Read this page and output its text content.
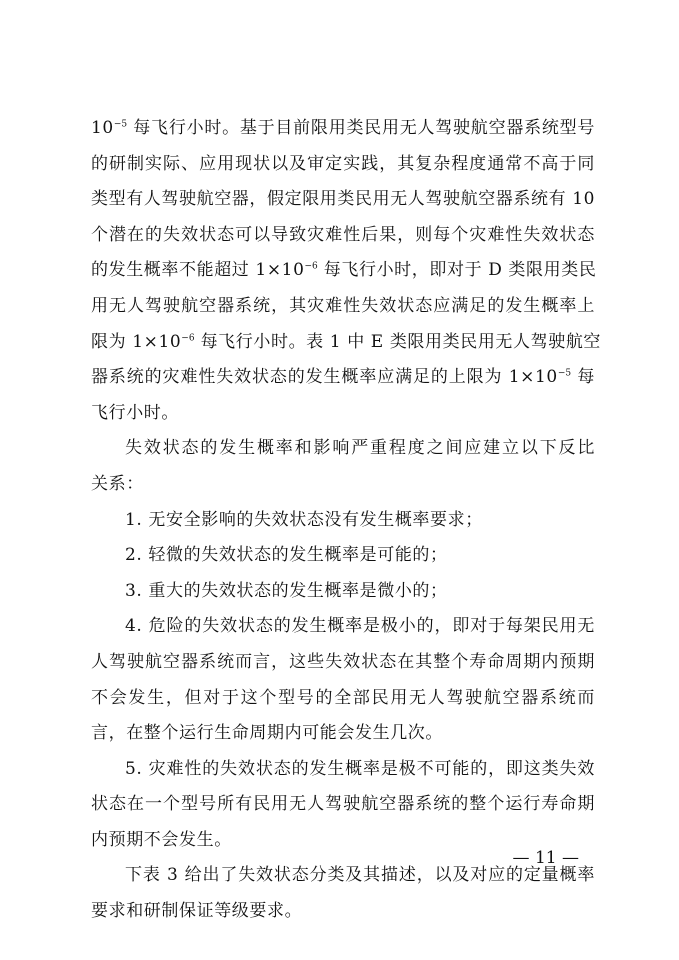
$10^{-5}$ 每飞行小时。基于目前限用类民用无人驾驶航空器系统型号
的研制实际、应用现状以及审定实践，其复杂程度通常不高于同
类型有人驾驶航空器，假定限用类民用无人驾驶航空器系统有 10
个潜在的失效状态可以导致灾难性后果，则每个灾难性失效状态
的发生概率不能超过 $1\times 10^{-6}$ 每飞行小时，即对于 D 类限用类民
用无人驾驶航空器系统，其灾难性失效状态应满足的发生概率上
限为 $1\times 10^{-6}$ 每飞行小时。表 1 中 E 类限用类民用无人驾驶航空
器系统的灾难性失效状态的发生概率应满足的上限为 $1\times 10^{-5}$ 每
飞行小时。
失效状态的发生概率和影响严重程度之间应建立以下反比
关系：
1. 无安全影响的失效状态没有发生概率要求；
2. 轻微的失效状态的发生概率是可能的；
3. 重大的失效状态的发生概率是微小的；
4. 危险的失效状态的发生概率是极小的，即对于每架民用无
人驾驶航空器系统而言，这些失效状态在其整个寿命周期内预期
不会发生，但对于这个型号的全部民用无人驾驶航空器系统而
言，在整个运行生命周期内可能会发生几次。
5. 灾难性的失效状态的发生概率是极不可能的，即这类失效
状态在一个型号所有民用无人驾驶航空器系统的整个运行寿命期
内预期不会发生。
下表 3 给出了失效状态分类及其描述，以及对应的定量概率
要求和研制保证等级要求。
— 11 —
